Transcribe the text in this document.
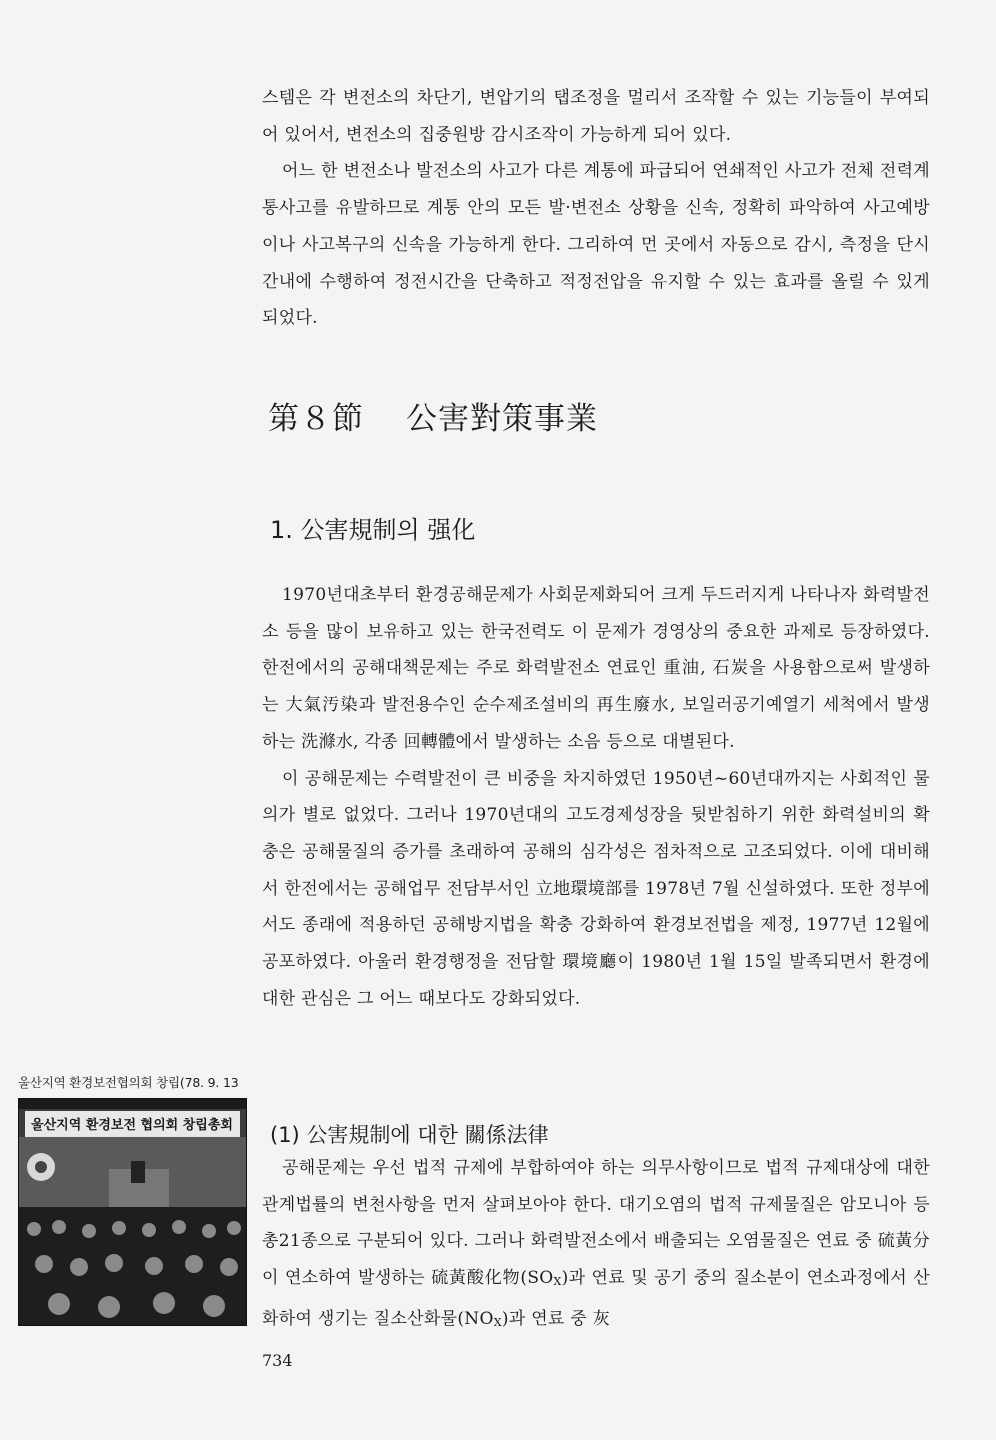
스템은 각 변전소의 차단기, 변압기의 탭조정을 멀리서 조작할 수 있는 기능들이 부여되어 있어서, 변전소의 집중원방 감시조작이 가능하게 되어 있다.
어느 한 변전소나 발전소의 사고가 다른 계통에 파급되어 연쇄적인 사고가 전체 전력계통사고를 유발하므로 계통 안의 모든 발·변전소 상황을 신속, 정확히 파악하여 사고예방이나 사고복구의 신속을 가능하게 한다. 그리하여 먼 곳에서 자동으로 감시, 측정을 단시간내에 수행하여 정전시간을 단축하고 적정전압을 유지할 수 있는 효과를 올릴 수 있게 되었다.

第８節 公害對策事業
1. 公害規制의 强化

1970년대초부터 환경공해문제가 사회문제화되어 크게 두드러지게 나타나자 화력발전소 등을 많이 보유하고 있는 한국전력도 이 문제가 경영상의 중요한 과제로 등장하였다. 한전에서의 공해대책문제는 주로 화력발전소 연료인 重油, 石炭을 사용함으로써 발생하는 大氣汚染과 발전용수인 순수제조설비의 再生廢水, 보일러공기예열기 세척에서 발생하는 洗滌水, 각종 回轉體에서 발생하는 소음 등으로 대별된다.
이 공해문제는 수력발전이 큰 비중을 차지하였던 1950년~60년대까지는 사회적인 물의가 별로 없었다. 그러나 1970년대의 고도경제성장을 뒷받침하기 위한 화력설비의 확충은 공해물질의 증가를 초래하여 공해의 심각성은 점차적으로 고조되었다. 이에 대비해서 한전에서는 공해업무 전담부서인 立地環境部를 1978년 7월 신설하였다. 또한 정부에서도 종래에 적용하던 공해방지법을 확충 강화하여 환경보전법을 제정, 1977년 12월에 공포하였다. 아울러 환경행정을 전담할 環境廳이 1980년 1월 15일 발족되면서 환경에 대한 관심은 그 어느 때보다도 강화되었다.

울산지역 환경보전협의회 창립(78. 9. 13

울산지역 환경보전 협의회 창립총회 (1) 公害規制에 대한 關係法律

공해문제는 우선 법적 규제에 부합하여야 하는 의무사항이므로 법적 규제대상에 대한 관계법률의 변천사항을 먼저 살펴보아야 한다. 대기오염의 법적 규제물질은 암모니아 등 총21종으로 구분되어 있다. 그러나 화력발전소에서 배출되는 오염물질은 연료 중 硫黃分이 연소하여 발생하는 硫黃酸化物$(SO_X)$과 연료 및 공기 중의 질소분이 연소과정에서 산화하여 생기는 질소산화물$(NO_X)$과 연료 중 灰

734
